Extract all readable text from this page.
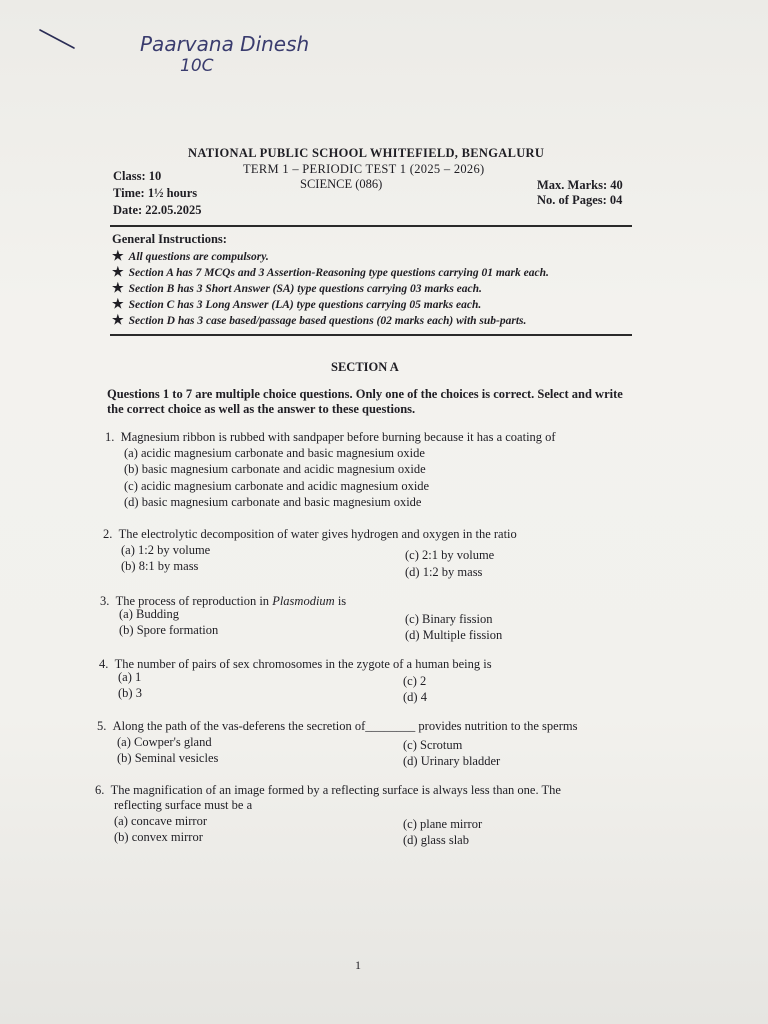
Paarvana Dinesh
10C
NATIONAL PUBLIC SCHOOL WHITEFIELD, BENGALURU
TERM 1 – PERIODIC TEST 1 (2025 – 2026)
SCIENCE (086)
Class: 10
Time: 1½ hours
Date: 22.05.2025
Max. Marks: 40
No. of Pages: 04
General Instructions:
★ All questions are compulsory.
★ Section A has 7 MCQs and 3 Assertion-Reasoning type questions carrying 01 mark each.
★ Section B has 3 Short Answer (SA) type questions carrying 03 marks each.
★ Section C has 3 Long Answer (LA) type questions carrying 05 marks each.
★ Section D has 3 case based/passage based questions (02 marks each) with sub-parts.
SECTION A
Questions 1 to 7 are multiple choice questions. Only one of the choices is correct. Select and write the correct choice as well as the answer to these questions.
1. Magnesium ribbon is rubbed with sandpaper before burning because it has a coating of
(a) acidic magnesium carbonate and basic magnesium oxide
(b) basic magnesium carbonate and acidic magnesium oxide
(c) acidic magnesium carbonate and acidic magnesium oxide
(d) basic magnesium carbonate and basic magnesium oxide
2. The electrolytic decomposition of water gives hydrogen and oxygen in the ratio
(a) 1:2 by volume
(b) 8:1 by mass
(c) 2:1 by volume
(d) 1:2 by mass
3. The process of reproduction in Plasmodium is
(a) Budding
(b) Spore formation
(c) Binary fission
(d) Multiple fission
4. The number of pairs of sex chromosomes in the zygote of a human being is
(a) 1
(b) 3
(c) 2
(d) 4
5. Along the path of the vas-deferens the secretion of________ provides nutrition to the sperms
(a) Cowper's gland
(b) Seminal vesicles
(c) Scrotum
(d) Urinary bladder
6. The magnification of an image formed by a reflecting surface is always less than one. The
reflecting surface must be a
(a) concave mirror
(b) convex mirror
(c) plane mirror
(d) glass slab
1
